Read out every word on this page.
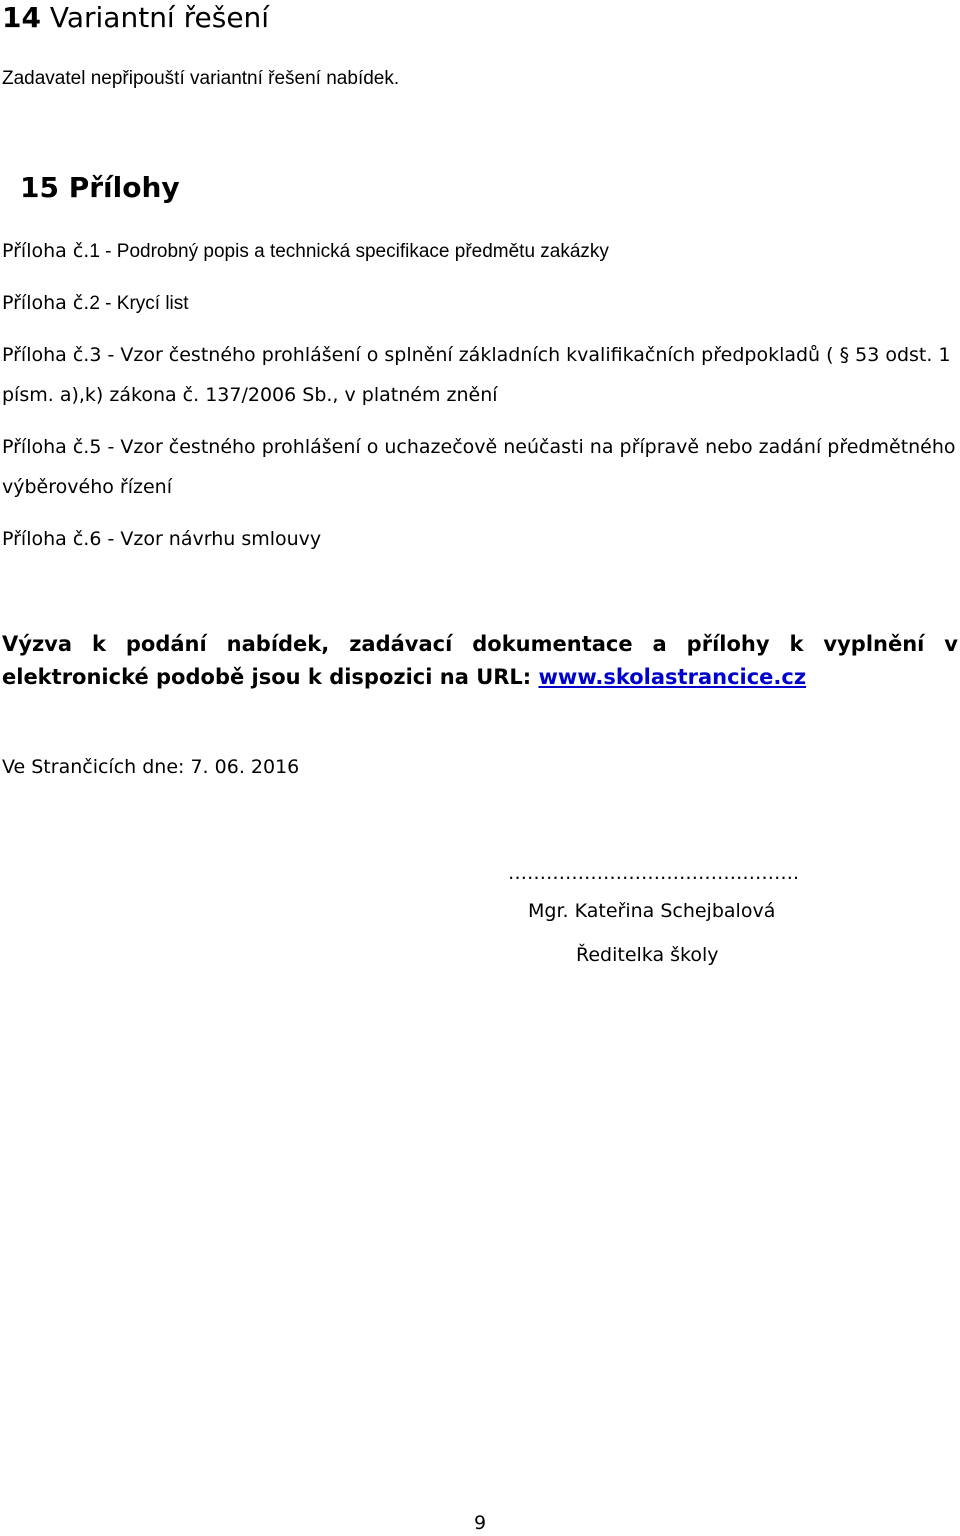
14 Variantní řešení
Zadavatel nepřipouští variantní řešení nabídek.
15 Přílohy
Příloha č.1 - Podrobný popis a technická specifikace předmětu zakázky
Příloha č.2 - Krycí list
Příloha č.3 - Vzor čestného prohlášení o splnění základních kvalifikačních předpokladů ( § 53 odst. 1
písm. a),k) zákona č. 137/2006 Sb., v platném znění
Příloha č.5 - Vzor čestného prohlášení o uchazečově neúčasti na přípravě nebo zadání předmětného
výběrového řízení
Příloha č.6 - Vzor návrhu smlouvy
Výzva k podání nabídek, zadávací dokumentace a přílohy k vyplnění v elektronické podobě jsou k dispozici na URL: www.skolastrancice.cz
Ve Strančicích dne: 7. 06. 2016
……………………………………….
Mgr. Kateřina Schejbalová
Ředitelka školy
9
